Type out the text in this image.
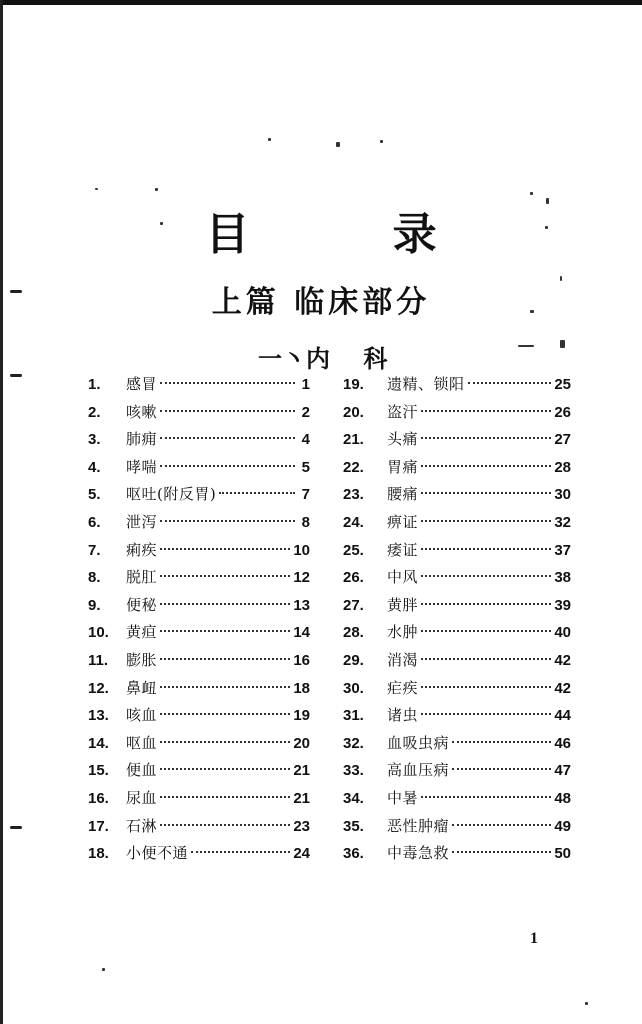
目 录
上篇 临床部分
一丶内    科
1.	感冒	1
2.	咳嗽	2
3.	肺痈	4
4.	哮喘	5
5.	呕吐(附反胃)	7
6.	泄泻	8
7.	痢疾	10
8.	脱肛	12
9.	便秘	13
10.	黄疸	14
11.	膨胀	16
12.	鼻衄	18
13.	咳血	19
14.	呕血	20
15.	便血	21
16.	尿血	21
17.	石淋	23
18.	小便不通	24
19.	遗精、锁阳	25
20.	盗汗	26
21.	头痛	27
22.	胃痛	28
23.	腰痛	30
24.	痹证	32
25.	痿证	37
26.	中风	38
27.	黄胖	39
28.	水肿	40
29.	消渴	42
30.	疟疾	42
31.	诸虫	44
32.	血吸虫病	46
33.	高血压病	47
34.	中暑	48
35.	恶性肿瘤	49
36.	中毒急救	50
1
